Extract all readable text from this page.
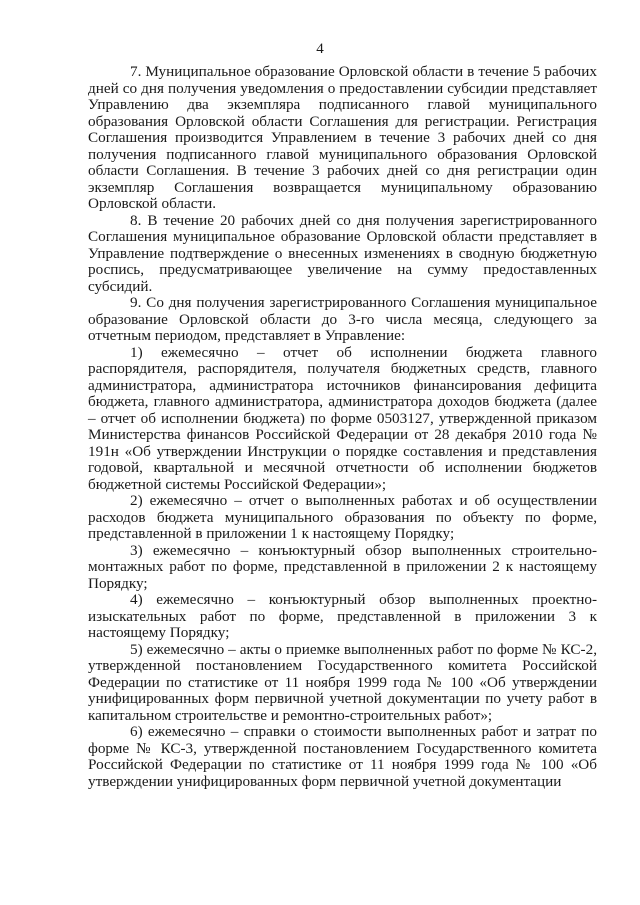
4

7. Муниципальное образование Орловской области в течение 5 рабочих дней со дня получения уведомления о предоставлении субсидии представляет Управлению два экземпляра подписанного главой муниципального образования Орловской области Соглашения для регистрации. Регистрация Соглашения производится Управлением в течение 3 рабочих дней со дня получения подписанного главой муниципального образования Орловской области Соглашения. В течение 3 рабочих дней со дня регистрации один экземпляр Соглашения возвращается муниципальному образованию Орловской области.

8. В течение 20 рабочих дней со дня получения зарегистрированного Соглашения муниципальное образование Орловской области представляет в Управление подтверждение о внесенных изменениях в сводную бюджетную роспись, предусматривающее увеличение на сумму предоставленных субсидий.

9. Со дня получения зарегистрированного Соглашения муниципальное образование Орловской области до 3-го числа месяца, следующего за отчетным периодом, представляет в Управление:

1) ежемесячно – отчет об исполнении бюджета главного распорядителя, распорядителя, получателя бюджетных средств, главного администратора, администратора источников финансирования дефицита бюджета, главного администратора, администратора доходов бюджета (далее – отчет об исполнении бюджета) по форме 0503127, утвержденной приказом Министерства финансов Российской Федерации от 28 декабря 2010 года № 191н «Об утверждении Инструкции о порядке составления и представления годовой, квартальной и месячной отчетности об исполнении бюджетов бюджетной системы Российской Федерации»;

2) ежемесячно – отчет о выполненных работах и об осуществлении расходов бюджета муниципального образования по объекту по форме, представленной в приложении 1 к настоящему Порядку;

3) ежемесячно – конъюктурный обзор выполненных строительно-монтажных работ по форме, представленной в приложении 2 к настоящему Порядку;

4) ежемесячно – конъюктурный обзор выполненных проектно-изыскательных работ по форме, представленной в приложении 3 к настоящему Порядку;

5) ежемесячно – акты о приемке выполненных работ по форме № КС-2, утвержденной постановлением Государственного комитета Российской Федерации по статистике от 11 ноября 1999 года № 100 «Об утверждении унифицированных форм первичной учетной документации по учету работ в капитальном строительстве и ремонтно-строительных работ»;

6) ежемесячно – справки о стоимости выполненных работ и затрат по форме № КС-3, утвержденной постановлением Государственного комитета Российской Федерации по статистике от 11 ноября 1999 года № 100 «Об утверждении унифицированных форм первичной учетной документации
